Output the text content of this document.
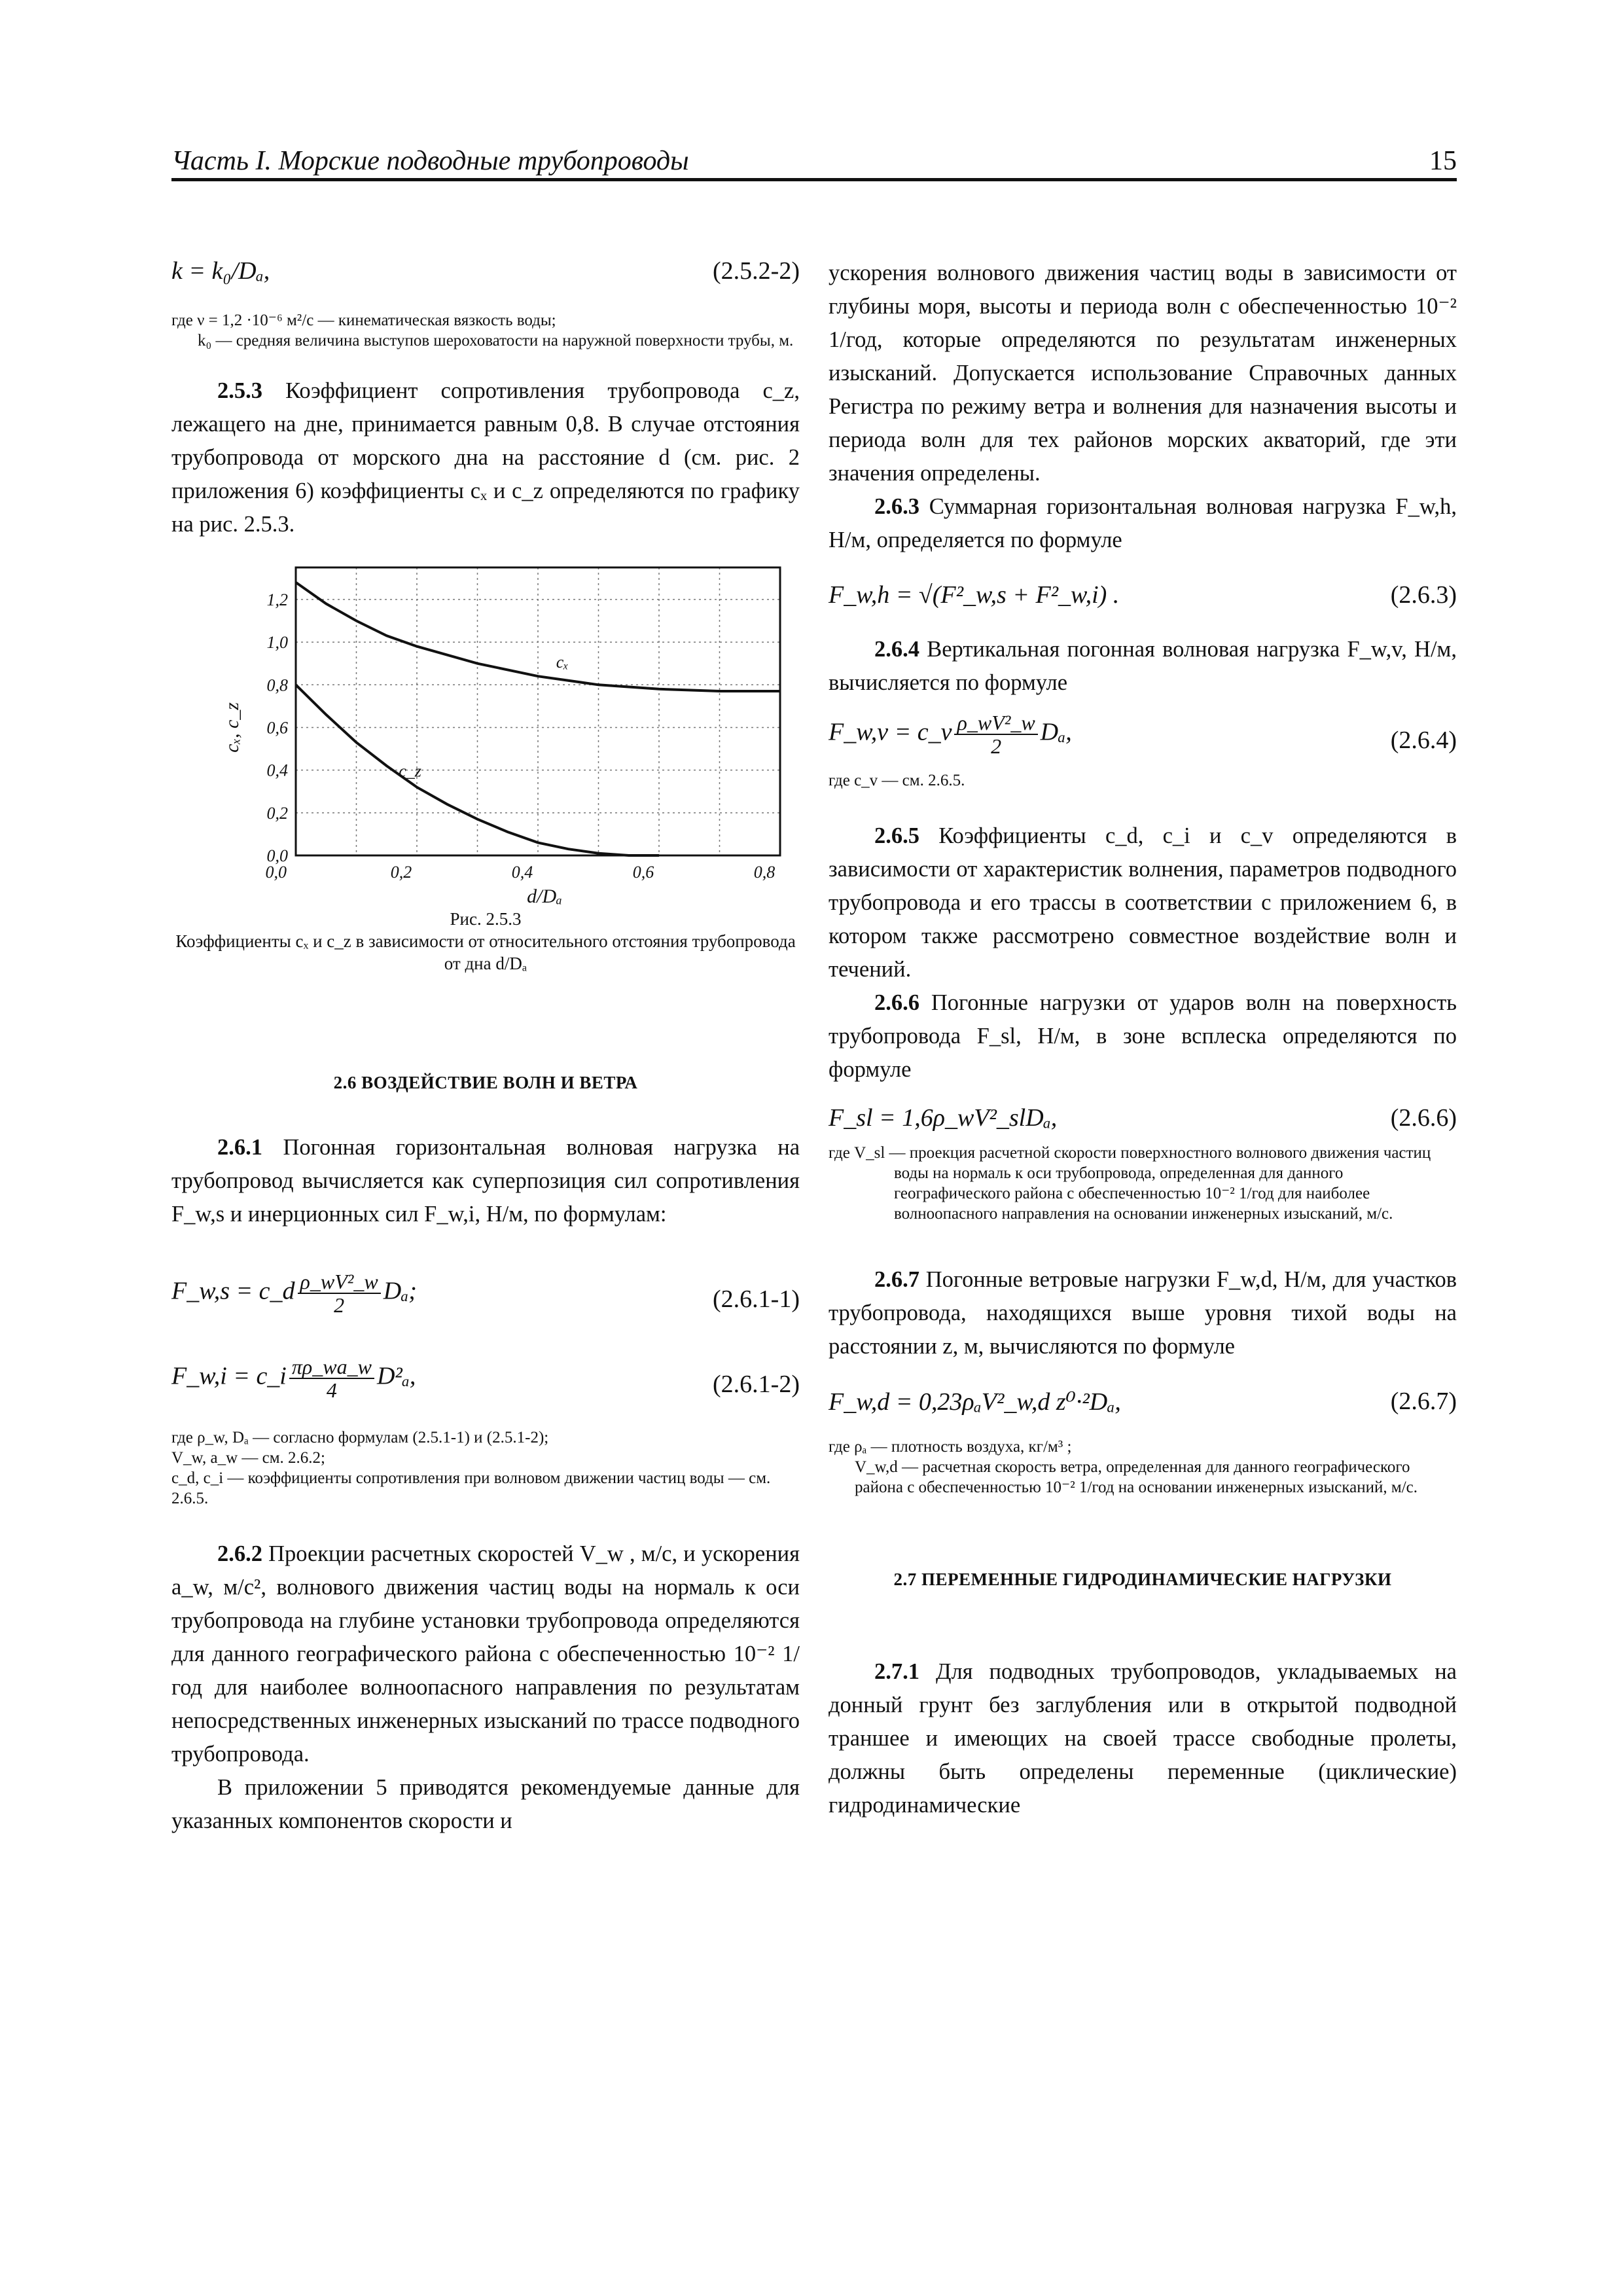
Часть I. Морские подводные трубопроводы	15
k = k₀/Dₐ,	(2.5.2-2)

где ν = 1,2 ·10⁻⁶ м²/с — кинематическая вязкость воды;

k₀ — средняя величина выступов шероховатости на наружной поверхности трубы, м.

2.5.3 Коэффициент сопротивления трубопровода c_z, лежащего на дне, принимается равным 0,8. В случае отстояния трубопровода от морского дна на расстояние d (см. рис. 2 приложения 6) коэффициенты cₓ и c_z определяются по графику на рис. 2.5.3.

0,0
0,2
0,4
0,6
0,8
1,0
1,2
0,2	0,4	0,6	0,8
0,0
d/Dₐ
cₓ, c_z
cₓ
c_z

Рис. 2.5.3

Коэффициенты cₓ и c_z в зависимости от относительного отстояния трубопровода от дна d/Dₐ

2.6 ВОЗДЕЙСТВИЕ ВОЛН И ВЕТРА

2.6.1 Погонная горизонтальная волновая нагрузка на трубопровод вычисляется как суперпозиция сил сопротивления F_w,s и инерционных сил F_w,i, Н/м, по формулам:

F_w,s = c_d $\frac{\text{ρ\_wV²\_w}}{2} D_a$;	(2.6.1-1)
F_w,i = c_i $\frac{\pi\rho\_wa\_w}{4} D^2_a$,	(2.6.1-2)

где ρ_w, Dₐ — согласно формулам (2.5.1-1) и (2.5.1-2);

V_w, a_w — см. 2.6.2;

c_d, c_i — коэффициенты сопротивления при волновом движении частиц воды — см. 2.6.5.

2.6.2 Проекции расчетных скоростей V_w , м/с, и ускорения a_w, м/с², волнового движения частиц воды на нормаль к оси трубопровода на глубине установки трубопровода определяются для данного географического района с обеспеченностью 10⁻² 1/год для наиболее волноопасного направления по результатам непосредственных инженерных изысканий по трассе подводного трубопровода.

В приложении 5 приводятся рекомендуемые данные для указанных компонентов скорости и

ускорения волнового движения частиц воды в зависимости от глубины моря, высоты и периода волн с обеспеченностью 10⁻² 1/год, которые определяются по результатам инженерных изысканий. Допускается использование Справочных данных Регистра по режиму ветра и волнения для назначения высоты и периода волн для тех районов морских акваторий, где эти значения определены.

2.6.3 Суммарная горизонтальная волновая нагрузка F_w,h, Н/м, определяется по формуле

F_w,h = √(F²_w,s + F²_w,i) .	(2.6.3)

2.6.4 Вертикальная погонная волновая нагрузка F_w,v, Н/м, вычисляется по формуле

F_w,v = c_v $\frac{\text{ρ\_wV²\_w}}{2} D_a$,	(2.6.4)

где c_v — см. 2.6.5.

2.6.5 Коэффициенты c_d, c_i и c_v определяются в зависимости от характеристик волнения, параметров подводного трубопровода и его трассы в соответствии с приложением 6, в котором также рассмотрено совместное воздействие волн и течений.

2.6.6 Погонные нагрузки от ударов волн на поверхность трубопровода F_sl, Н/м, в зоне всплеска определяются по формуле

F_sl = 1,6ρ_wV²_slDₐ,	(2.6.6)

где V_sl — проекция расчетной скорости поверхностного волнового движения частиц воды на нормаль к оси трубопровода, определенная для данного географического района с обеспеченностью 10⁻² 1/год для наиболее волноопасного направления на основании инженерных изысканий, м/с.

2.6.7 Погонные ветровые нагрузки F_w,d, Н/м, для участков трубопровода, находящихся выше уровня тихой воды на расстоянии z, м, вычисляются по формуле

F_w,d = 0,23ρₐV²_w,d z⁰·²Dₐ,	(2.6.7)

где ρₐ — плотность воздуха, кг/м³ ;

V_w,d — расчетная скорость ветра, определенная для данного географического района с обеспеченностью 10⁻² 1/год на основании инженерных изысканий, м/с.

2.7 ПЕРЕМЕННЫЕ ГИДРОДИНАМИЧЕСКИЕ НАГРУЗКИ

2.7.1 Для подводных трубопроводов, укладываемых на донный грунт без заглубления или в открытой подводной траншее и имеющих на своей трассе свободные пролеты, должны быть определены переменные (циклические) гидродинамические
